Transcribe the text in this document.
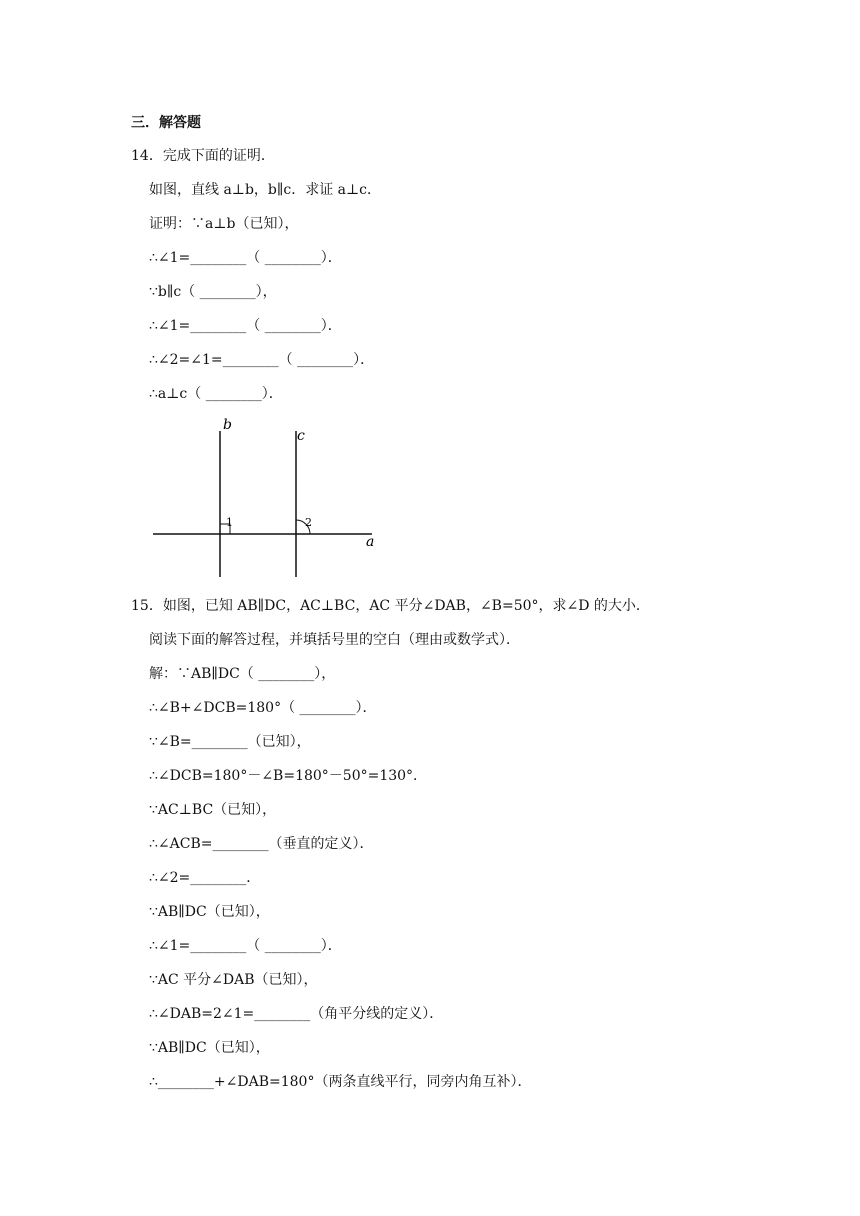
三．解答题
14．完成下面的证明．
如图，直线 a⊥b，b∥c．求证 a⊥c．
证明：∵a⊥b（已知），
∴∠1=________（ ________）．
∵b∥c（ ________），
∴∠1=________（ ________）．
∴∠2=∠1=________（ ________）．
∴a⊥c（ ________）．
b
c
a
1	2
15．如图，已知 AB∥DC，AC⊥BC，AC 平分∠DAB，∠B=50°，求∠D 的大小．
阅读下面的解答过程，并填括号里的空白（理由或数学式）．
解：∵AB∥DC（ ________），
∴∠B+∠DCB=180°（ ________）．
∵∠B=________（已知），
∴∠DCB=180°－∠B=180°－50°=130°．
∵AC⊥BC（已知），
∴∠ACB=________（垂直的定义）．
∴∠2=________．
∵AB∥DC（已知），
∴∠1=________（ ________）．
∵AC 平分∠DAB（已知），
∴∠DAB=2∠1=________（角平分线的定义）．
∵AB∥DC（已知），
∴________+∠DAB=180°（两条直线平行，同旁内角互补）．
